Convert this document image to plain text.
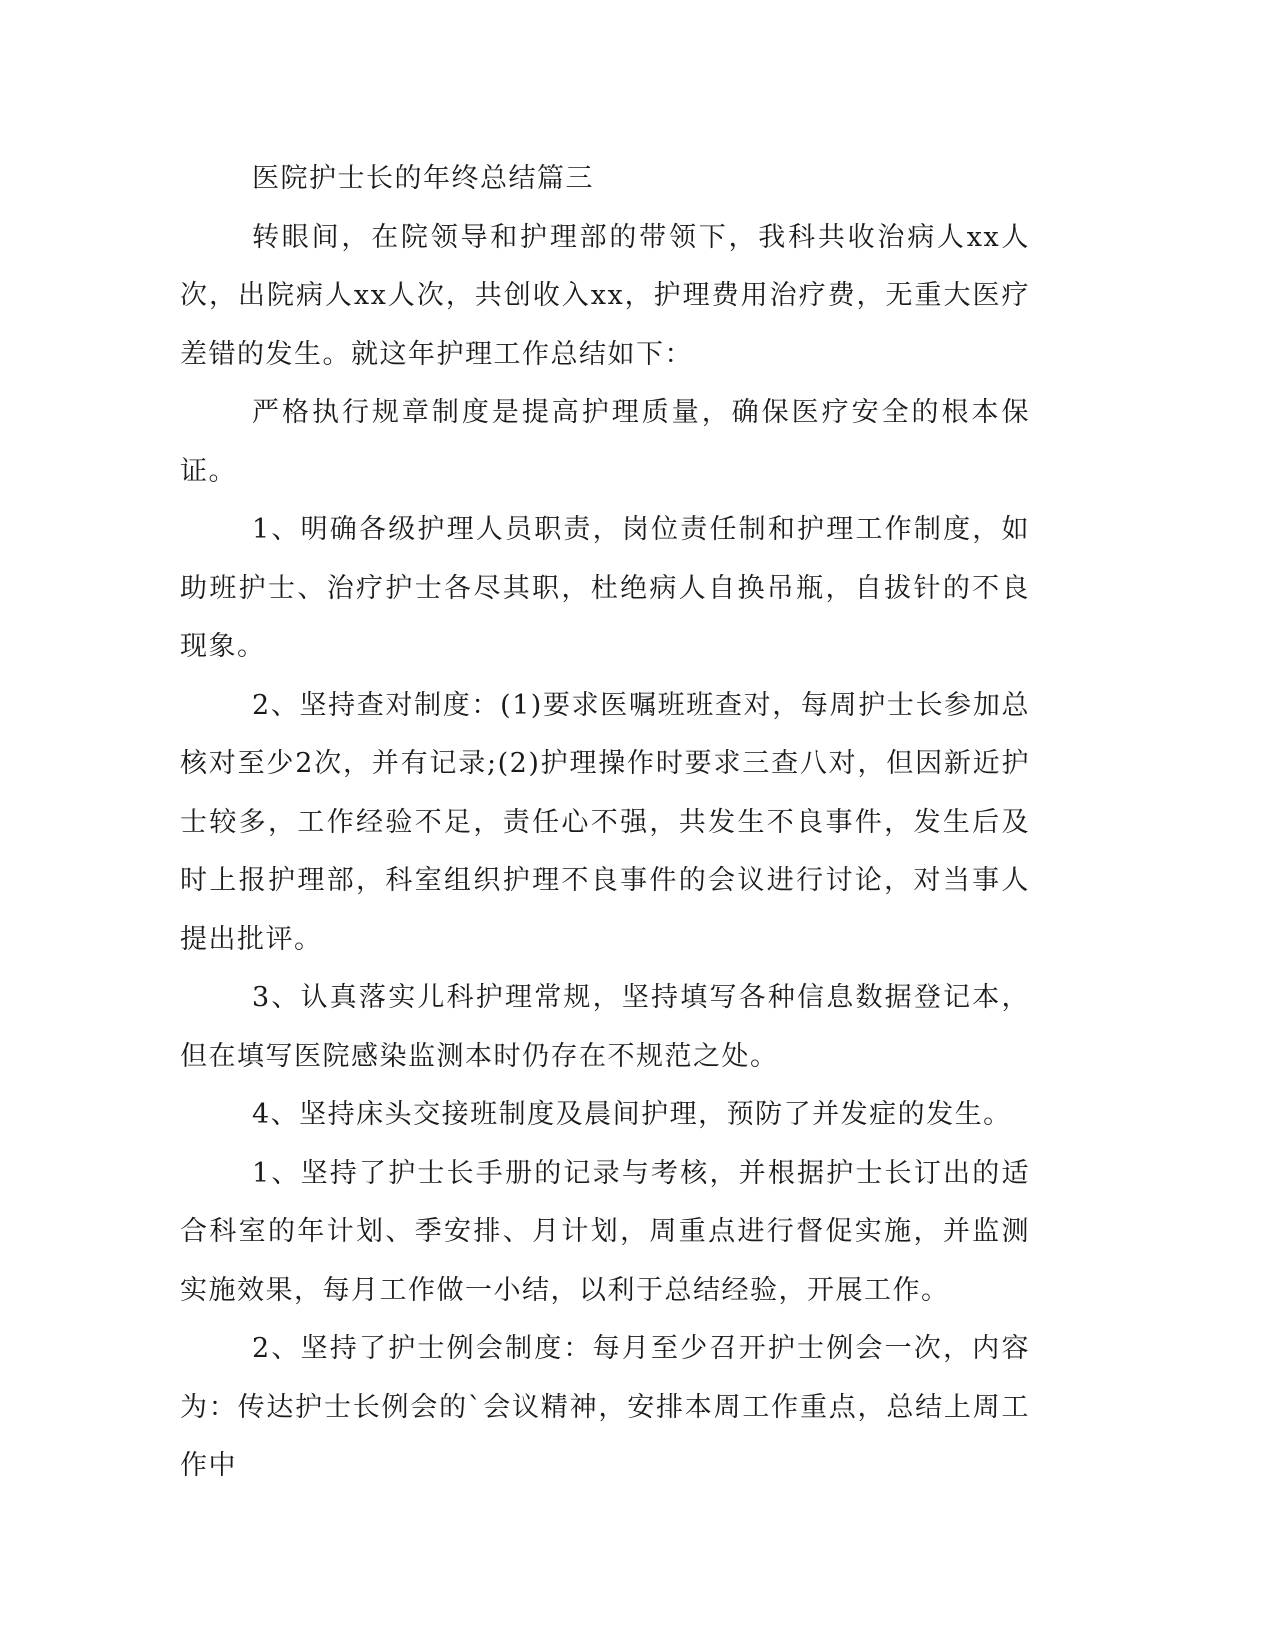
医院护士长的年终总结篇三

转眼间，在院领导和护理部的带领下，我科共收治病人xx人次，出院病人xx人次，共创收入xx，护理费用治疗费，无重大医疗差错的发生。就这年护理工作总结如下：

严格执行规章制度是提高护理质量，确保医疗安全的根本保证。

1、明确各级护理人员职责，岗位责任制和护理工作制度，如助班护士、治疗护士各尽其职，杜绝病人自换吊瓶，自拔针的不良现象。

2、坚持查对制度：(1)要求医嘱班班查对，每周护士长参加总核对至少2次，并有记录;(2)护理操作时要求三查八对，但因新近护士较多，工作经验不足，责任心不强，共发生不良事件，发生后及时上报护理部，科室组织护理不良事件的会议进行讨论，对当事人提出批评。

3、认真落实儿科护理常规，坚持填写各种信息数据登记本，但在填写医院感染监测本时仍存在不规范之处。

4、坚持床头交接班制度及晨间护理，预防了并发症的发生。

1、坚持了护士长手册的记录与考核，并根据护士长订出的适合科室的年计划、季安排、月计划，周重点进行督促实施，并监测实施效果，每月工作做一小结，以利于总结经验，开展工作。

2、坚持了护士例会制度：每月至少召开护士例会一次，内容为：传达护士长例会的`会议精神，安排本周工作重点，总结上周工作中
